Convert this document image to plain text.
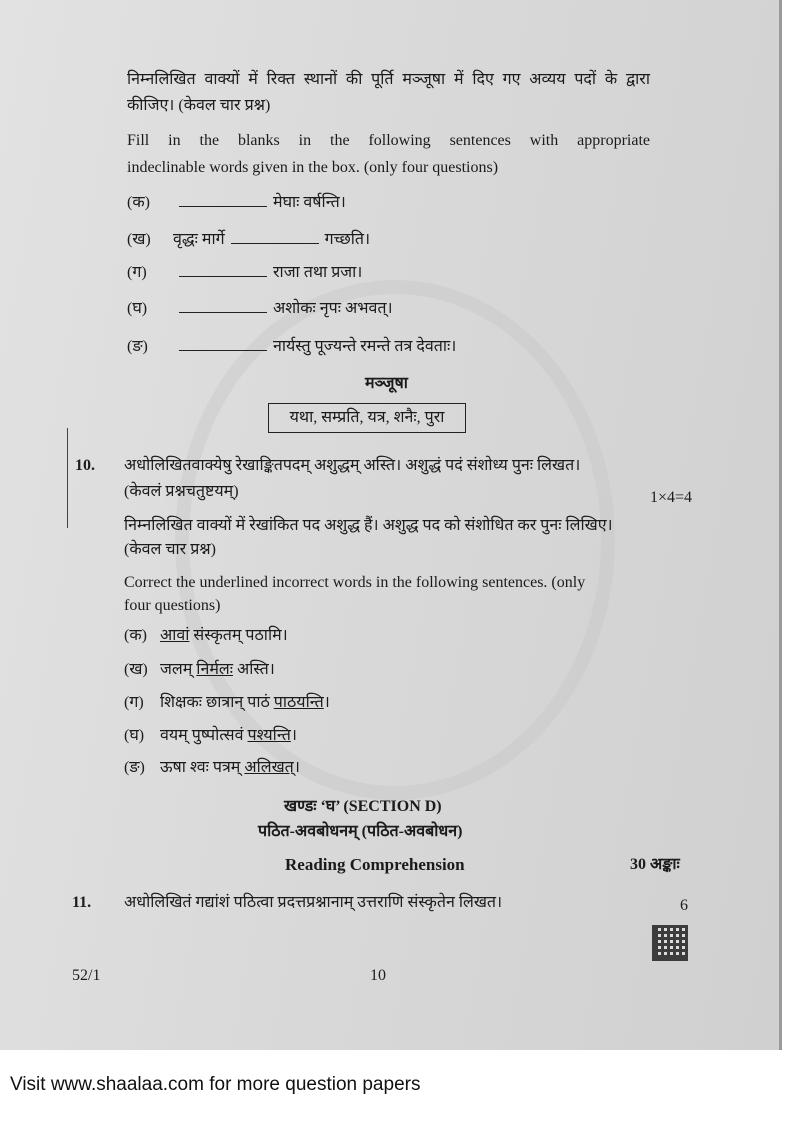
निम्नलिखित वाक्यों में रिक्त स्थानों की पूर्ति मञ्जूषा में दिए गए अव्यय पदों के द्वारा
कीजिए। (केवल चार प्रश्न)
Fill in the blanks in the following sentences with appropriate
indeclinable words given in the box. (only four questions)
(क)	मेघाः वर्षन्ति।
(ख) वृद्धः मार्गे	गच्छति।
(ग)	राजा तथा प्रजा।
(घ)	अशोकः नृपः अभवत्।
(ङ)	नार्यस्तु पूज्यन्ते रमन्ते तत्र देवताः।
मञ्जूषा
यथा, सम्प्रति, यत्र, शनैः, पुरा
10. अधोलिखितवाक्येषु रेखाङ्कितपदम् अशुद्धम् अस्ति। अशुद्धं पदं संशोध्य पुनः लिखत।
(केवलं प्रश्नचतुष्टयम्)	1×4=4
निम्नलिखित वाक्यों में रेखांकित पद अशुद्ध हैं। अशुद्ध पद को संशोधित कर पुनः लिखिए।
(केवल चार प्रश्न)
Correct the underlined incorrect words in the following sentences. (only
four questions)
(क) आवां संस्कृतम् पठामि।
(ख) जलम् निर्मलः अस्ति।
(ग) शिक्षकः छात्रान् पाठं पाठयन्ति।
(घ) वयम् पुष्पोत्सवं पश्यन्ति।
(ङ) ऊषा श्वः पत्रम् अलिखत्।
खण्डः ‘घ’ (SECTION D)
पठित-अवबोधनम् (पठित-अवबोधन)
Reading Comprehension	30 अङ्काः
11. अधोलिखितं गद्यांशं पठित्वा प्रदत्तप्रश्नानाम् उत्तराणि संस्कृतेन लिखत।	6
52/1	10
Visit www.shaalaa.com for more question papers
